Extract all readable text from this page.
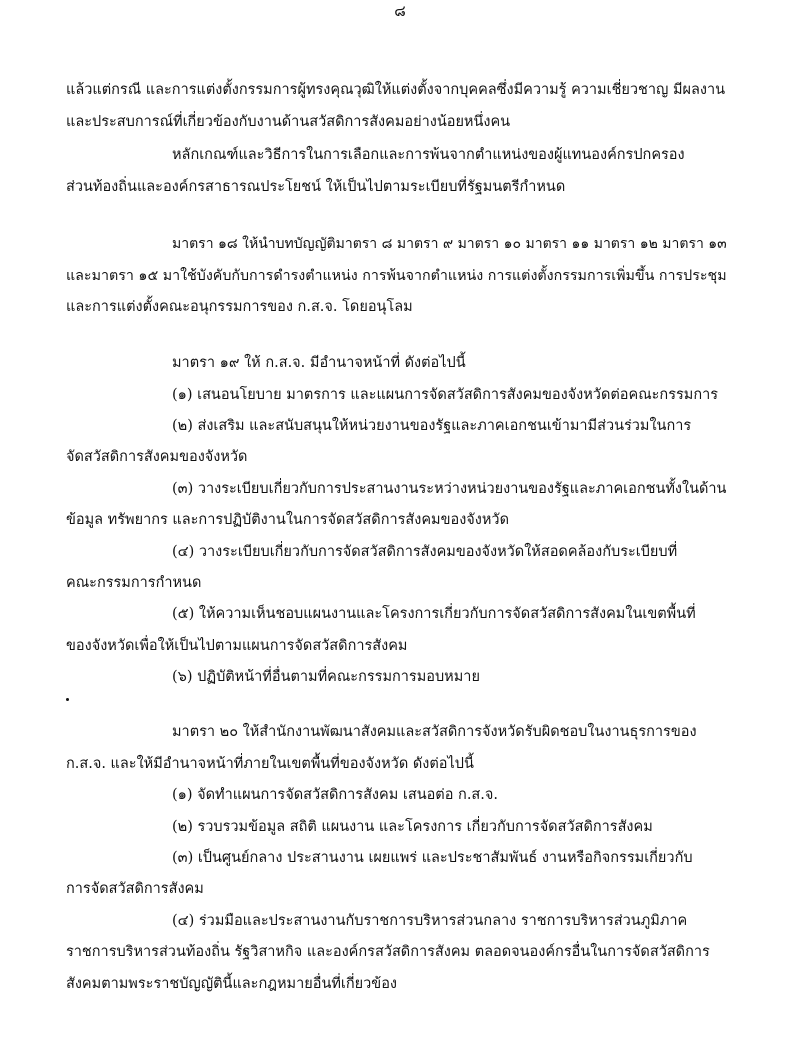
๘
แล้วแต่กรณี และการแต่งตั้งกรรมการผู้ทรงคุณวุฒิให้แต่งตั้งจากบุคคลซึ่งมีความรู้ ความเชี่ยวชาญ มีผลงาน
และประสบการณ์ที่เกี่ยวข้องกับงานด้านสวัสดิการสังคมอย่างน้อยหนึ่งคน
หลักเกณฑ์และวิธีการในการเลือกและการพ้นจากตำแหน่งของผู้แทนองค์กรปกครอง
ส่วนท้องถิ่นและองค์กรสาธารณประโยชน์ ให้เป็นไปตามระเบียบที่รัฐมนตรีกำหนด
มาตรา ๑๘ ให้นำบทบัญญัติมาตรา ๘ มาตรา ๙ มาตรา ๑๐ มาตรา ๑๑ มาตรา ๑๒ มาตรา ๑๓
และมาตรา ๑๕ มาใช้บังคับกับการดำรงตำแหน่ง การพ้นจากตำแหน่ง การแต่งตั้งกรรมการเพิ่มขึ้น การประชุม
และการแต่งตั้งคณะอนุกรรมการของ ก.ส.จ. โดยอนุโลม
มาตรา ๑๙ ให้ ก.ส.จ. มีอำนาจหน้าที่ ดังต่อไปนี้
(๑) เสนอนโยบาย มาตรการ และแผนการจัดสวัสดิการสังคมของจังหวัดต่อคณะกรรมการ
(๒) ส่งเสริม และสนับสนุนให้หน่วยงานของรัฐและภาคเอกชนเข้ามามีส่วนร่วมในการ
จัดสวัสดิการสังคมของจังหวัด
(๓) วางระเบียบเกี่ยวกับการประสานงานระหว่างหน่วยงานของรัฐและภาคเอกชนทั้งในด้าน
ข้อมูล ทรัพยากร และการปฏิบัติงานในการจัดสวัสดิการสังคมของจังหวัด
(๔) วางระเบียบเกี่ยวกับการจัดสวัสดิการสังคมของจังหวัดให้สอดคล้องกับระเบียบที่
คณะกรรมการกำหนด
(๕) ให้ความเห็นชอบแผนงานและโครงการเกี่ยวกับการจัดสวัสดิการสังคมในเขตพื้นที่
ของจังหวัดเพื่อให้เป็นไปตามแผนการจัดสวัสดิการสังคม
(๖) ปฏิบัติหน้าที่อื่นตามที่คณะกรรมการมอบหมาย
มาตรา ๒๐ ให้สำนักงานพัฒนาสังคมและสวัสดิการจังหวัดรับผิดชอบในงานธุรการของ
ก.ส.จ. และให้มีอำนาจหน้าที่ภายในเขตพื้นที่ของจังหวัด ดังต่อไปนี้
(๑) จัดทำแผนการจัดสวัสดิการสังคม เสนอต่อ ก.ส.จ.
(๒) รวบรวมข้อมูล สถิติ แผนงาน และโครงการ เกี่ยวกับการจัดสวัสดิการสังคม
(๓) เป็นศูนย์กลาง ประสานงาน เผยแพร่ และประชาสัมพันธ์ งานหรือกิจกรรมเกี่ยวกับ
การจัดสวัสดิการสังคม
(๔) ร่วมมือและประสานงานกับราชการบริหารส่วนกลาง ราชการบริหารส่วนภูมิภาค
ราชการบริหารส่วนท้องถิ่น รัฐวิสาหกิจ และองค์กรสวัสดิการสังคม ตลอดจนองค์กรอื่นในการจัดสวัสดิการ
สังคมตามพระราชบัญญัตินี้และกฎหมายอื่นที่เกี่ยวข้อง
